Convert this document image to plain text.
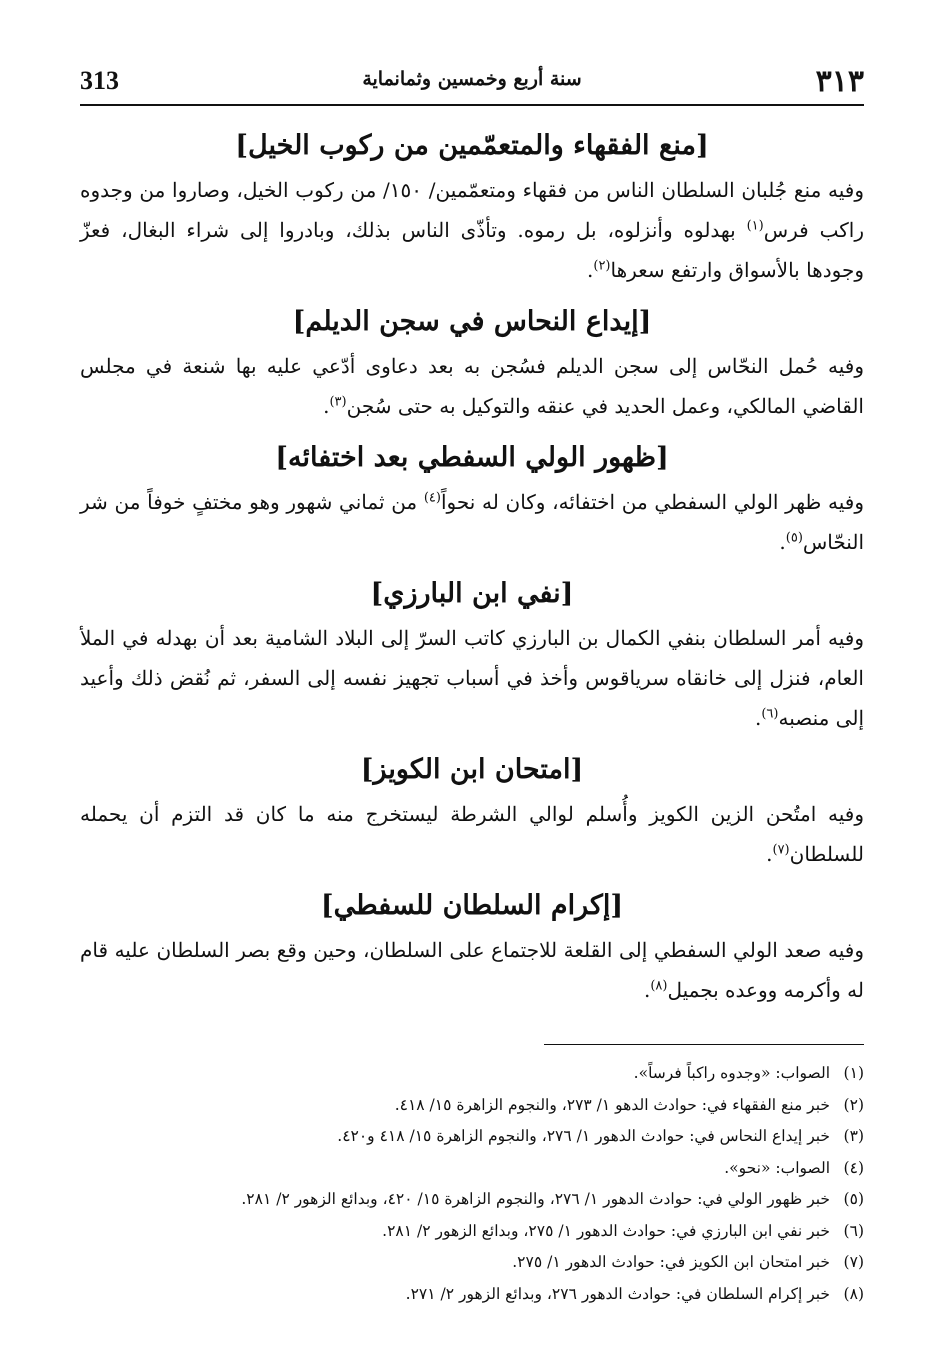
٣١٣
سنة أربع وخمسين وثمانماية
313
[منع الفقهاء والمتعمّمين من ركوب الخيل]

وفيه منع جُلبان السلطان الناس من فقهاء ومتعمّمين/ ١٥٠/ من ركوب الخيل، وصاروا من وجدوه راكب فرس$^{(١)}$ بهدلوه وأنزلوه، بل رموه. وتأذّى الناس بذلك، وبادروا إلى شراء البغال، فعزّ وجودها بالأسواق وارتفع سعرها$^{(٢)}$.

[إيداع النحاس في سجن الديلم]

وفيه حُمل النحّاس إلى سجن الديلم فسُجن به بعد دعاوى أدّعي عليه بها شنعة في مجلس القاضي المالكي، وعمل الحديد في عنقه والتوكيل به حتى سُجن$^{(٣)}$.

[ظهور الولي السفطي بعد اختفائه]

وفيه ظهر الولي السفطي من اختفائه، وكان له نحواً$^{(٤)}$ من ثماني شهور وهو مختفٍ خوفاً من شر النحّاس$^{(٥)}$.

[نفي ابن البارزي]

وفيه أمر السلطان بنفي الكمال بن البارزي كاتب السرّ إلى البلاد الشامية بعد أن بهدله في الملأ العام، فنزل إلى خانقاه سرياقوس وأخذ في أسباب تجهيز نفسه إلى السفر، ثم نُقض ذلك وأعيد إلى منصبه$^{(٦)}$.

[امتحان ابن الكويز]

وفيه امتُحن الزين الكويز وأُسلم لوالي الشرطة ليستخرج منه ما كان قد التزم أن يحمله للسلطان$^{(٧)}$.

[إكرام السلطان للسفطي]

وفيه صعد الولي السفطي إلى القلعة للاجتماع على السلطان، وحين وقع بصر السلطان عليه قام له وأكرمه ووعده بجميل$^{(٨)}$.

(١)الصواب: «وجدوه راكباً فرساً».
(٢)خبر منع الفقهاء في: حوادث الدهو ١/ ٢٧٣، والنجوم الزاهرة ١٥/ ٤١٨.
(٣)خبر إيداع النحاس في: حوادث الدهور ١/ ٢٧٦، والنجوم الزاهرة ١٥/ ٤١٨ و٤٢٠.
(٤)الصواب: «نحو».
(٥)خبر ظهور الولي في: حوادث الدهور ١/ ٢٧٦، والنجوم الزاهرة ١٥/ ٤٢٠، وبدائع الزهور ٢/ ٢٨١.
(٦)خبر نفي ابن البارزي في: حوادث الدهور ١/ ٢٧٥، وبدائع الزهور ٢/ ٢٨١.
(٧)خبر امتحان ابن الكويز في: حوادث الدهور ١/ ٢٧٥.
(٨)خبر إكرام السلطان في: حوادث الدهور ٢٧٦، وبدائع الزهور ٢/ ٢٧١.
